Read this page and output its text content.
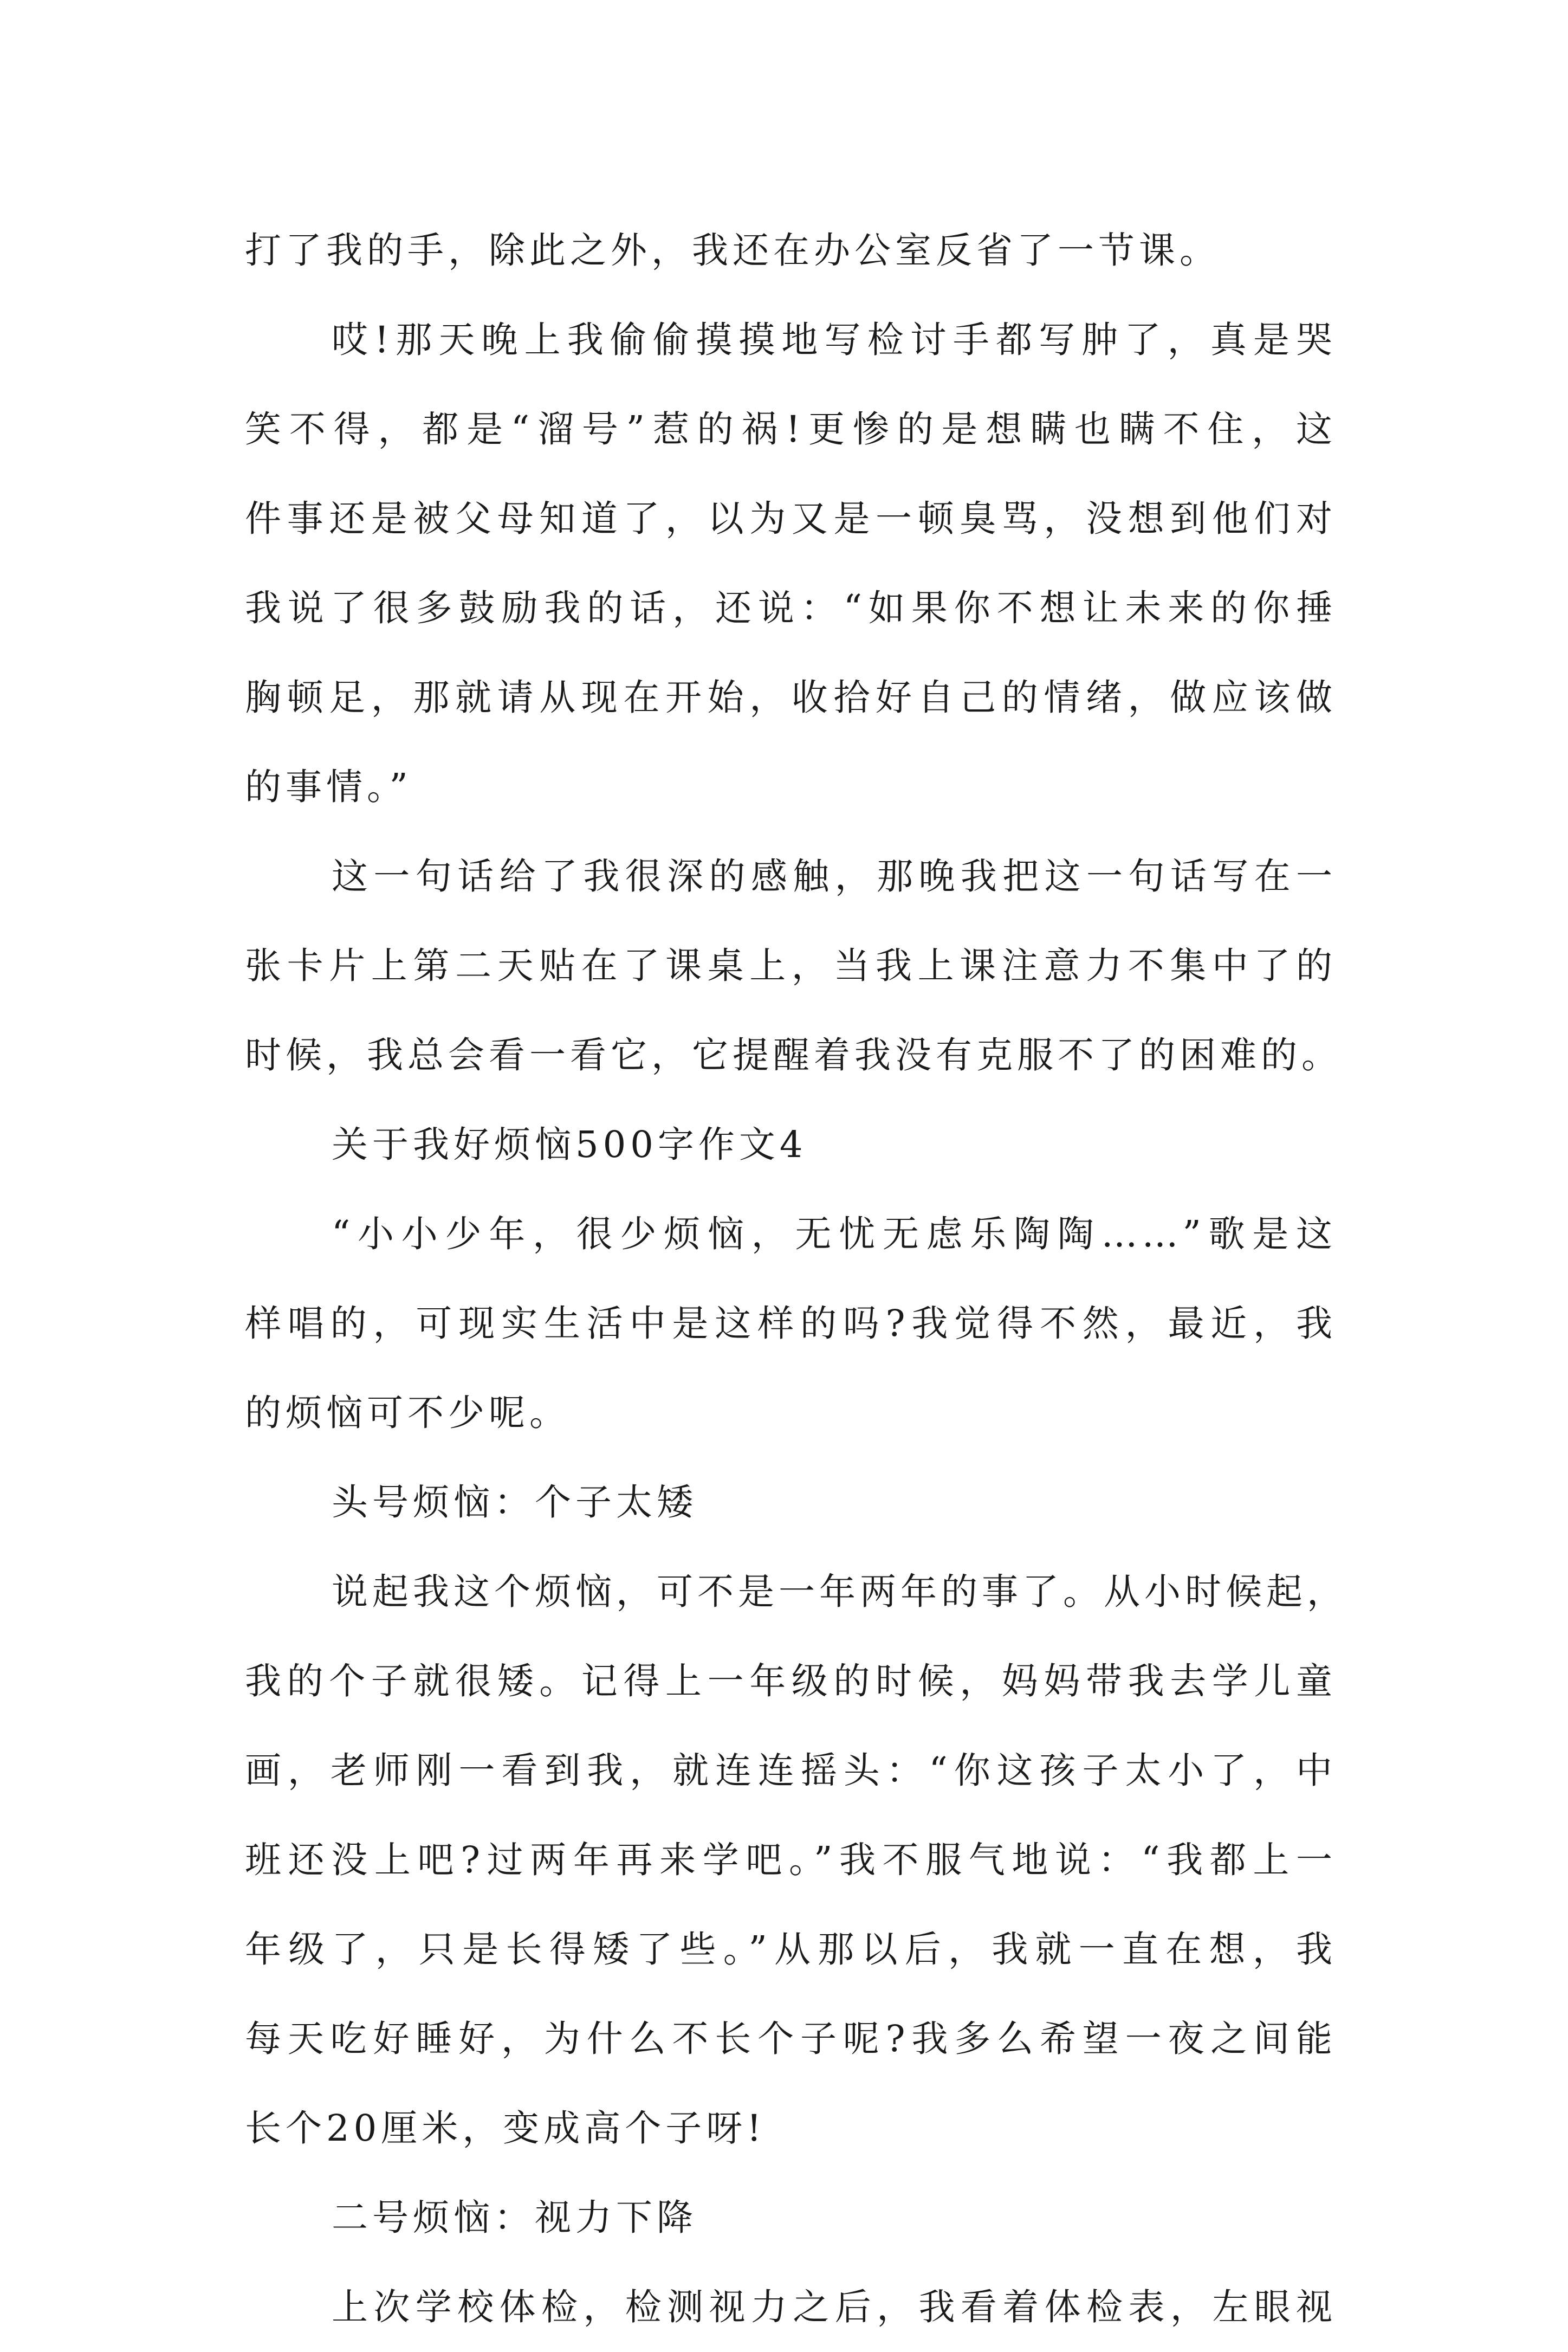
打了我的手，除此之外，我还在办公室反省了一节课。
哎!那天晚上我偷偷摸摸地写检讨手都写肿了，真是哭
笑不得，都是“溜号”惹的祸!更惨的是想瞒也瞒不住，这
件事还是被父母知道了，以为又是一顿臭骂，没想到他们对
我说了很多鼓励我的话，还说：“如果你不想让未来的你捶
胸顿足，那就请从现在开始，收拾好自己的情绪，做应该做
的事情。”
这一句话给了我很深的感触，那晚我把这一句话写在一
张卡片上第二天贴在了课桌上，当我上课注意力不集中了的
时候，我总会看一看它，它提醒着我没有克服不了的困难的。
关于我好烦恼500字作文4
“小小少年，很少烦恼，无忧无虑乐陶陶……”歌是这
样唱的，可现实生活中是这样的吗?我觉得不然，最近，我
的烦恼可不少呢。
头号烦恼：个子太矮
说起我这个烦恼，可不是一年两年的事了。从小时候起，
我的个子就很矮。记得上一年级的时候，妈妈带我去学儿童
画，老师刚一看到我，就连连摇头：“你这孩子太小了，中
班还没上吧?过两年再来学吧。”我不服气地说：“我都上一
年级了，只是长得矮了些。”从那以后，我就一直在想，我
每天吃好睡好，为什么不长个子呢?我多么希望一夜之间能
长个20厘米，变成高个子呀!
二号烦恼：视力下降
上次学校体检，检测视力之后，我看着体检表，左眼视
